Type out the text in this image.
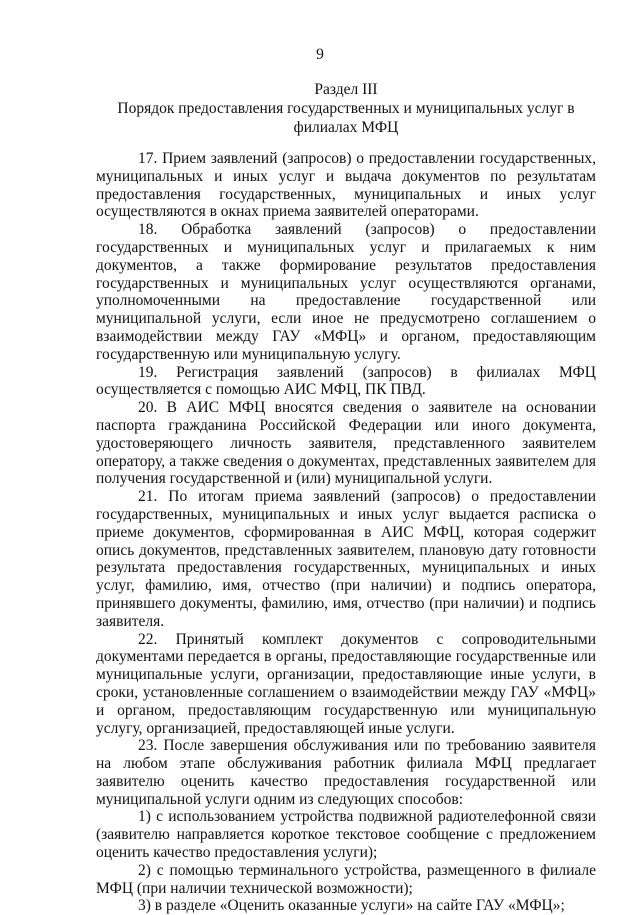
9
Раздел III
Порядок предоставления государственных и муниципальных услуг в филиалах МФЦ

17. Прием заявлений (запросов) о предоставлении государственных, муниципальных и иных услуг и выдача документов по результатам предоставления государственных, муниципальных и иных услуг осуществляются в окнах приема заявителей операторами.

18. Обработка заявлений (запросов) о предоставлении государственных и муниципальных услуг и прилагаемых к ним документов, а также формирование результатов предоставления государственных и муниципальных услуг осуществляются органами, уполномоченными на предоставление государственной или муниципальной услуги, если иное не предусмотрено соглашением о взаимодействии между ГАУ «МФЦ» и органом, предоставляющим государственную или муниципальную услугу.

19. Регистрация заявлений (запросов) в филиалах МФЦ осуществляется с помощью АИС МФЦ, ПК ПВД.

20. В АИС МФЦ вносятся сведения о заявителе на основании паспорта гражданина Российской Федерации или иного документа, удостоверяющего личность заявителя, представленного заявителем оператору, а также сведения о документах, представленных заявителем для получения государственной и (или) муниципальной услуги.

21. По итогам приема заявлений (запросов) о предоставлении государственных, муниципальных и иных услуг выдается расписка о приеме документов, сформированная в АИС МФЦ, которая содержит опись документов, представленных заявителем, плановую дату готовности результата предоставления государственных, муниципальных и иных услуг, фамилию, имя, отчество (при наличии) и подпись оператора, принявшего документы, фамилию, имя, отчество (при наличии) и подпись заявителя.

22. Принятый комплект документов с сопроводительными документами передается в органы, предоставляющие государственные или муниципальные услуги, организации, предоставляющие иные услуги, в сроки, установленные соглашением о взаимодействии между ГАУ «МФЦ» и органом, предоставляющим государственную или муниципальную услугу, организацией, предоставляющей иные услуги.

23. После завершения обслуживания или по требованию заявителя на любом этапе обслуживания работник филиала МФЦ предлагает заявителю оценить качество предоставления государственной или муниципальной услуги одним из следующих способов:

1) с использованием устройства подвижной радиотелефонной связи (заявителю направляется короткое текстовое сообщение с предложением оценить качество предоставления услуги);

2) с помощью терминального устройства, размещенного в филиале МФЦ (при наличии технической возможности);

3) в разделе «Оценить оказанные услуги» на сайте ГАУ «МФЦ»;
